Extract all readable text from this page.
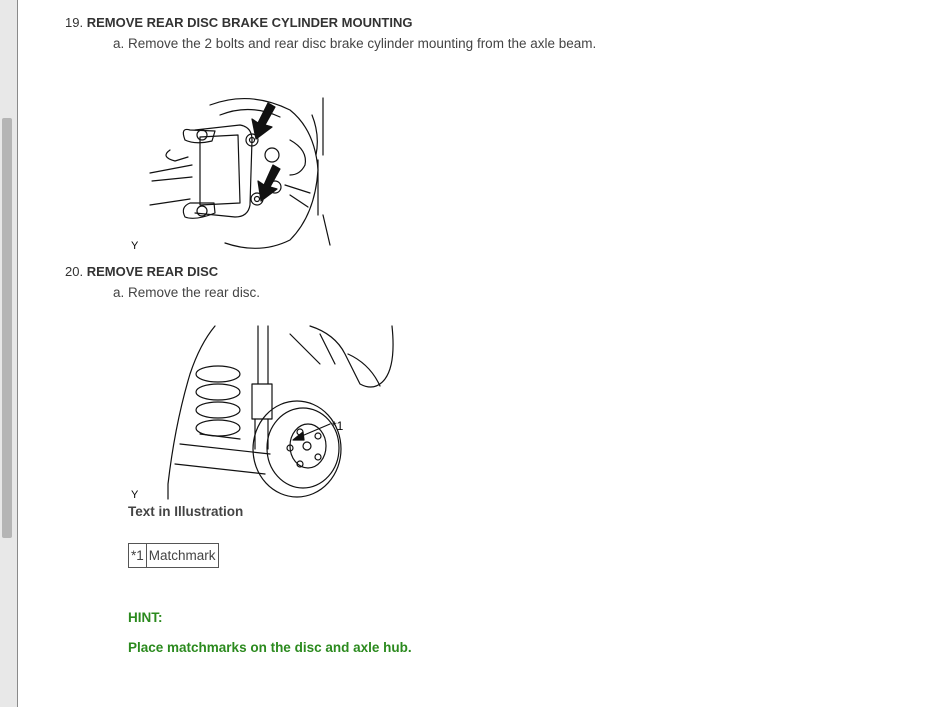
19. REMOVE REAR DISC BRAKE CYLINDER MOUNTING
a. Remove the 2 bolts and rear disc brake cylinder mounting from the axle beam.
Y
20. REMOVE REAR DISC
a. Remove the rear disc.
*1
Y
Text in Illustration
*1	Matchmark
HINT:
Place matchmarks on the disc and axle hub.
